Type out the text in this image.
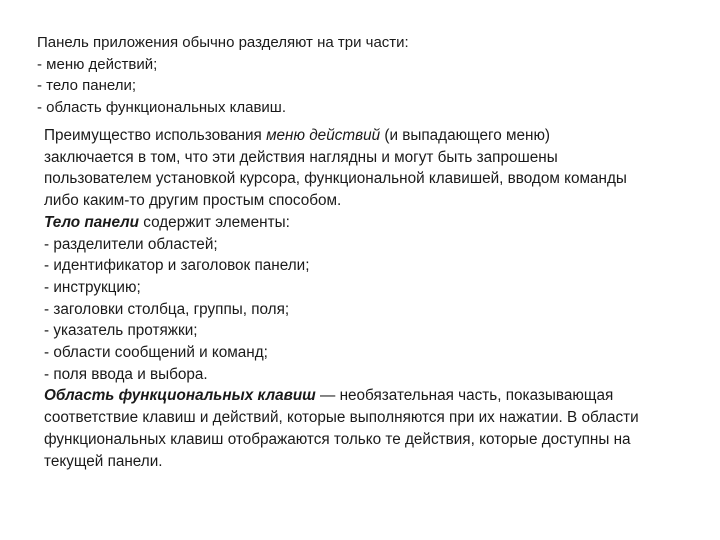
Панель приложения обычно разделяют на три части:

- меню действий;

- тело панели;

- область функциональных клавиш.

Преимущество использования меню действий (и выпадающего меню)

заключается в том, что эти действия наглядны и могут быть запрошены

пользователем установкой курсора, функциональной клавишей, вводом команды

либо каким-то другим простым способом.

Тело панели содержит элементы:

- разделители областей;

- идентификатор и заголовок панели;

- инструкцию;

- заголовки столбца, группы, поля;

- указатель протяжки;

- области сообщений и команд;

- поля ввода и выбора.

Область функциональных клавиш — необязательная часть, показывающая

соответствие клавиш и действий, которые выполняются при их нажатии. В области

функциональных клавиш отображаются только те действия, которые доступны на

текущей панели.
